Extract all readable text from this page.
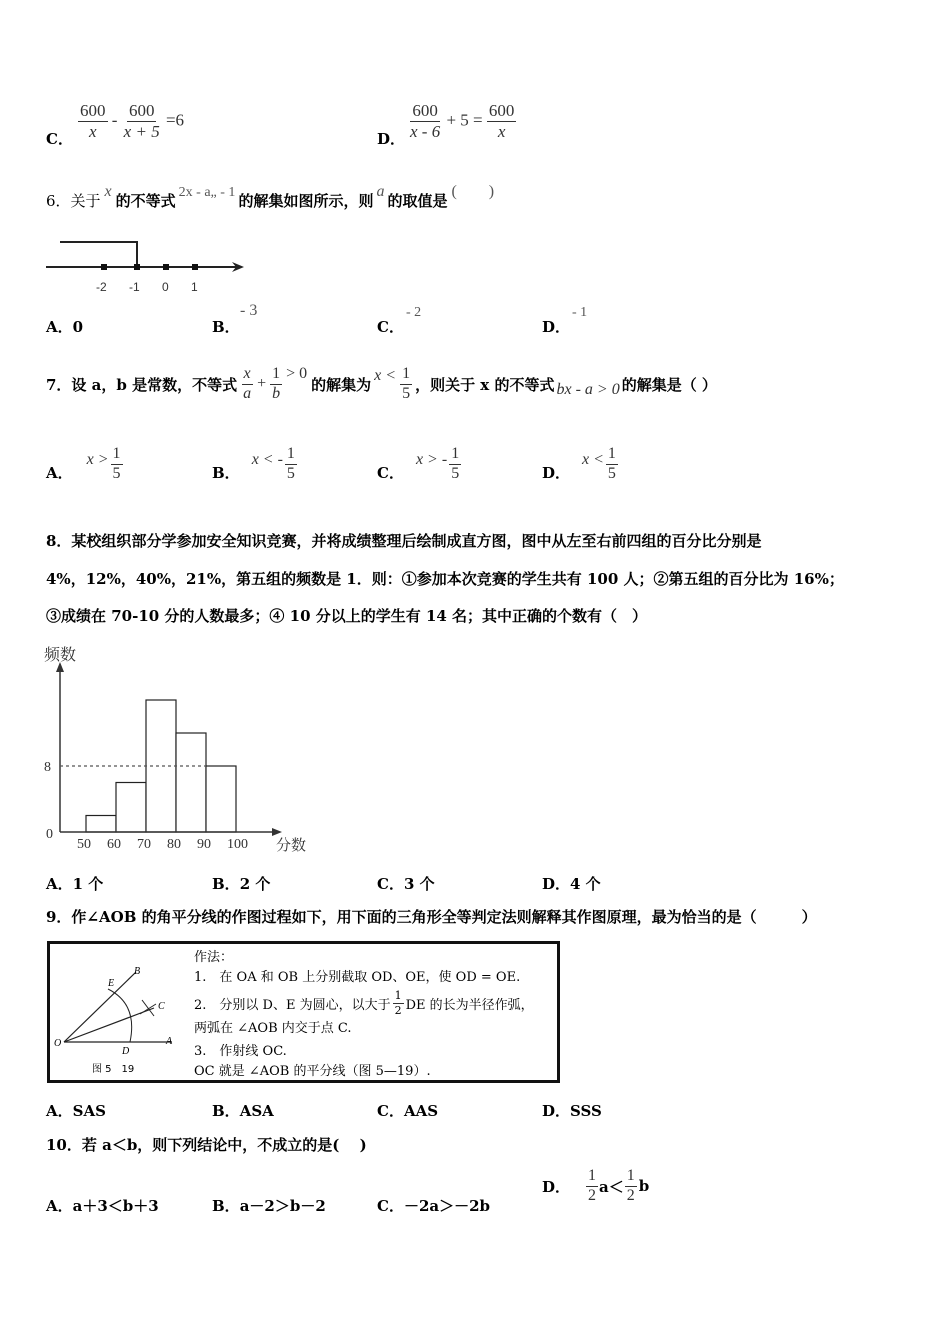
C． $\frac{600}{x} - \frac{600}{x + 5} =6$
D． $\frac{600}{x - 6} + 5 = \frac{600}{x}$
6．关于x的不等式 2x - a„ - 1 的解集如图所示，则a的取值是(　　)
-2 -1 0 1
A．0	B．
- 3
C．
- 2
D．
- 1
7．设 a，b 是常数，不等式 $\frac{x}{a} + \frac{1}{b} > 0$
的解集为
$x < \frac{1}{5}$ ，则关于 x 的不等式 bx - a > 0 的解集是（ ）
A．
$x > \frac{1}{5}$	B．
x < - $\frac{1}{5}$	C．
x > - $\frac{1}{5}$	D．
$x < \frac{1}{5}$
8．某校组织部分学参加安全知识竞赛，并将成绩整理后绘制成直方图，图中从左至右前四组的百分比分别是
4%，12%，40%，21%，第五组的频数是 1．则：①参加本次竞赛的学生共有 100 人；②第五组的百分比为 16%；
③成绩在 70-10 分的人数最多；④ 10 分以上的学生有 14 名；其中正确的个数有（　）
频数
8
0
50 60 70 80 90 100 分数
A．1 个	B．2 个	C．3 个	D．4 个
9．作∠AOB 的角平分线的作图过程如下，用下面的三角形全等判定法则解释其作图原理，最为恰当的是（　　　）
O	A
B
C
D
E
图 5　19
作法：
1.　在 OA 和 OB 上分别截取 OD、OE，使 OD = OE.
2.　分别以 D、E 为圆心，以大于 $\frac{1}{2}$ DE 的长为半径作弧，
两弧在 ∠AOB 内交于点 C.
3.　作射线 OC.
OC 就是 ∠AOB 的平分线（图 5—19）.
A．SAS	B．ASA	C．AAS	D．SSS
10．若 a＜b，则下列结论中，不成立的是(　 )
A．a＋3＜b＋3	B．a－2＞b－2	C．－2a＞－2b
D． $\frac{1}{2} a< \frac{1}{2}$ b
